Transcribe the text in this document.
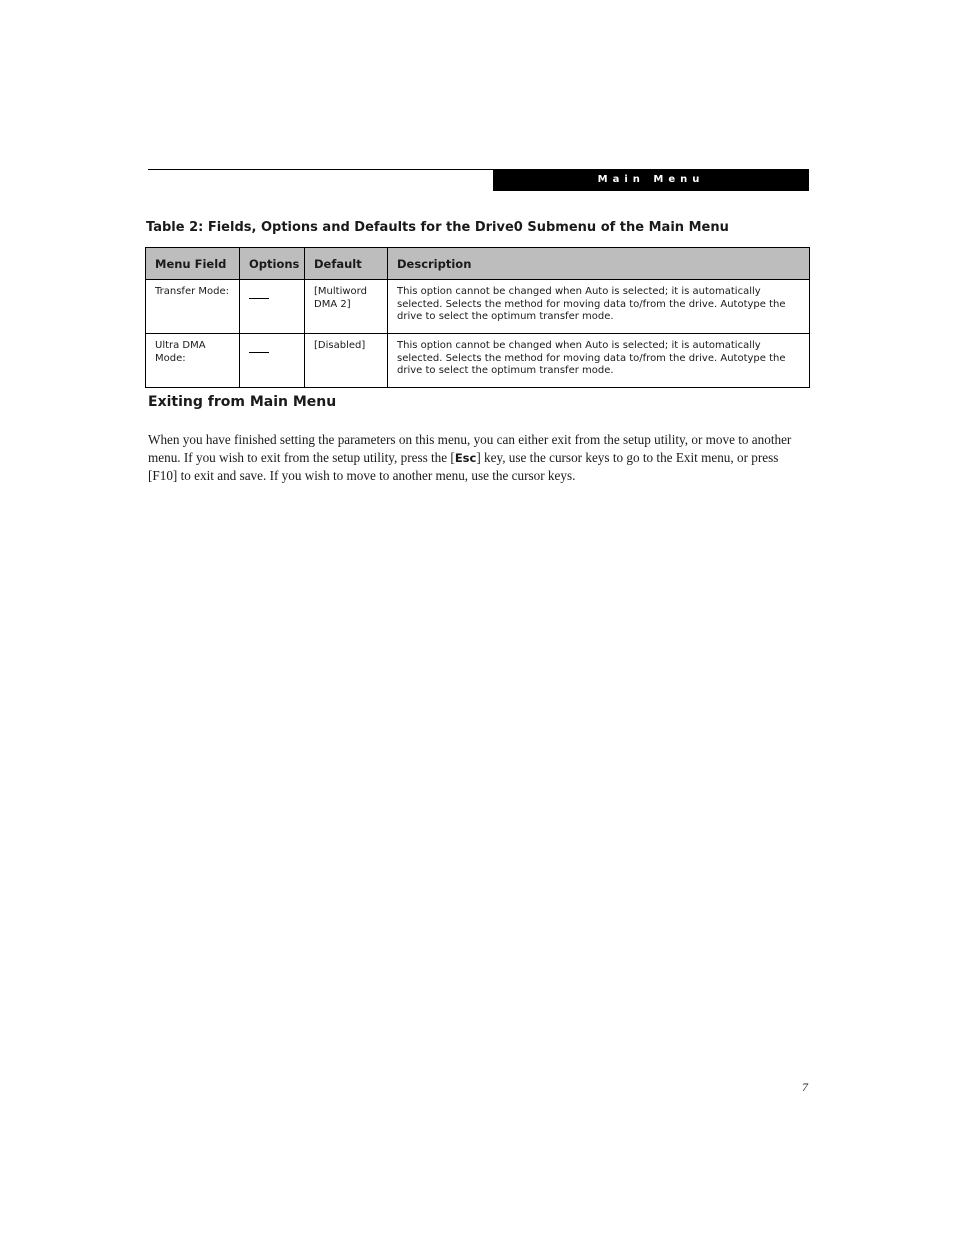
Main Menu
Table 2: Fields, Options and Defaults for the Drive0 Submenu of the Main Menu
Menu Field	Options	Default	Description
Transfer Mode:		[Multiword DMA 2]	This option cannot be changed when Auto is selected; it is automatically selected. Selects the method for moving data to/from the drive. Autotype the drive to select the optimum transfer mode.
Ultra DMA Mode:		[Disabled]	This option cannot be changed when Auto is selected; it is automatically selected. Selects the method for moving data to/from the drive. Autotype the drive to select the optimum transfer mode.
Exiting from Main Menu

When you have finished setting the parameters on this menu, you can either exit from the setup utility, or move to another menu. If you wish to exit from the setup utility, press the [Esc] key, use the cursor keys to go to the Exit menu, or press [F10] to exit and save. If you wish to move to another menu, use the cursor keys.

7
